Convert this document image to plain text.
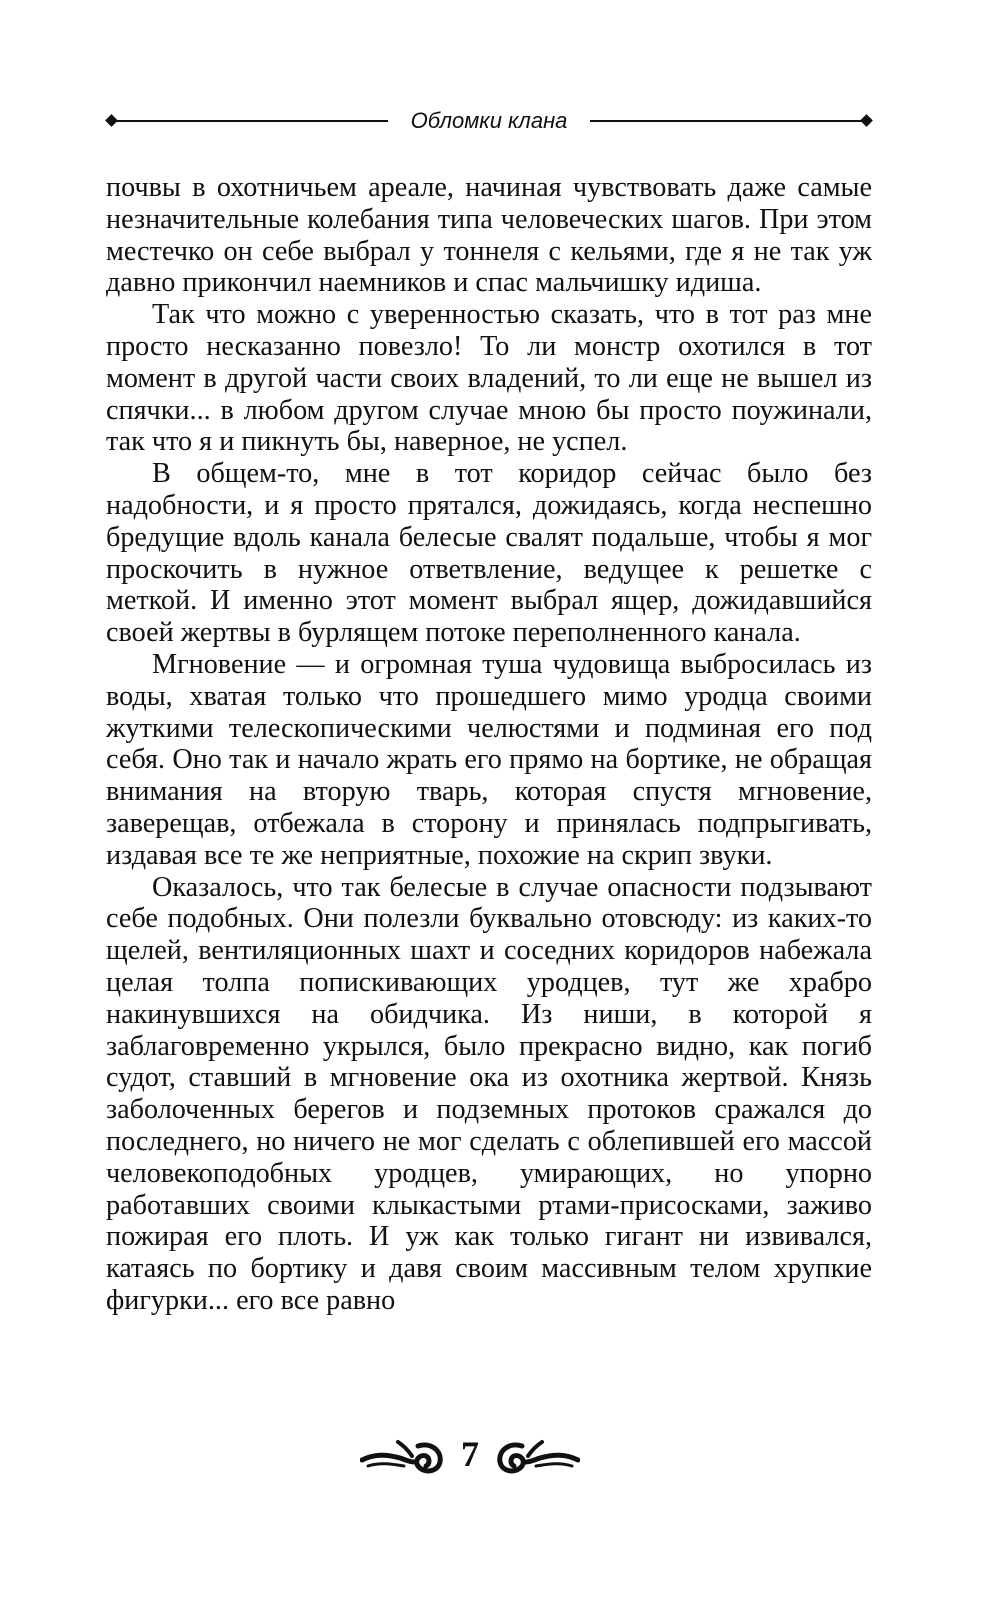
Обломки клана

почвы в охотничьем ареале, начиная чувствовать даже самые незначительные колебания типа человеческих шагов. При этом местечко он себе выбрал у тоннеля с кельями, где я не так уж давно прикончил наемников и спас мальчишку идиша.

Так что можно с уверенностью сказать, что в тот раз мне просто несказанно повезло! То ли монстр охотился в тот момент в другой части своих владений, то ли еще не вышел из спячки... в любом другом случае мною бы просто поужинали, так что я и пикнуть бы, наверное, не успел.

В общем-то, мне в тот коридор сейчас было без надобности, и я просто прятался, дожидаясь, когда неспешно бредущие вдоль канала белесые свалят подальше, чтобы я мог проскочить в нужное ответвление, ведущее к решетке с меткой. И именно этот момент выбрал ящер, дожидавшийся своей жертвы в бурлящем потоке переполненного канала.

Мгновение — и огромная туша чудовища выбросилась из воды, хватая только что прошедшего мимо уродца своими жуткими телескопическими челюстями и подминая его под себя. Оно так и начало жрать его прямо на бортике, не обращая внимания на вторую тварь, которая спустя мгновение, заверещав, отбежала в сторону и принялась подпрыгивать, издавая все те же неприятные, похожие на скрип звуки.

Оказалось, что так белесые в случае опасности подзывают себе подобных. Они полезли буквально отовсюду: из каких-то щелей, вентиляционных шахт и соседних коридоров набежала целая толпа попискивающих уродцев, тут же храбро накинувшихся на обидчика. Из ниши, в которой я заблаговременно укрылся, было прекрасно видно, как погиб судот, ставший в мгновение ока из охотника жертвой. Князь заболоченных берегов и подземных протоков сражался до последнего, но ничего не мог сделать с облепившей его массой человекоподобных уродцев, умирающих, но упорно работавших своими клыкастыми ртами-присосками, заживо пожирая его плоть. И уж как только гигант ни извивался, катаясь по бортику и давя своим массивным телом хрупкие фигурки... его все равно

7
